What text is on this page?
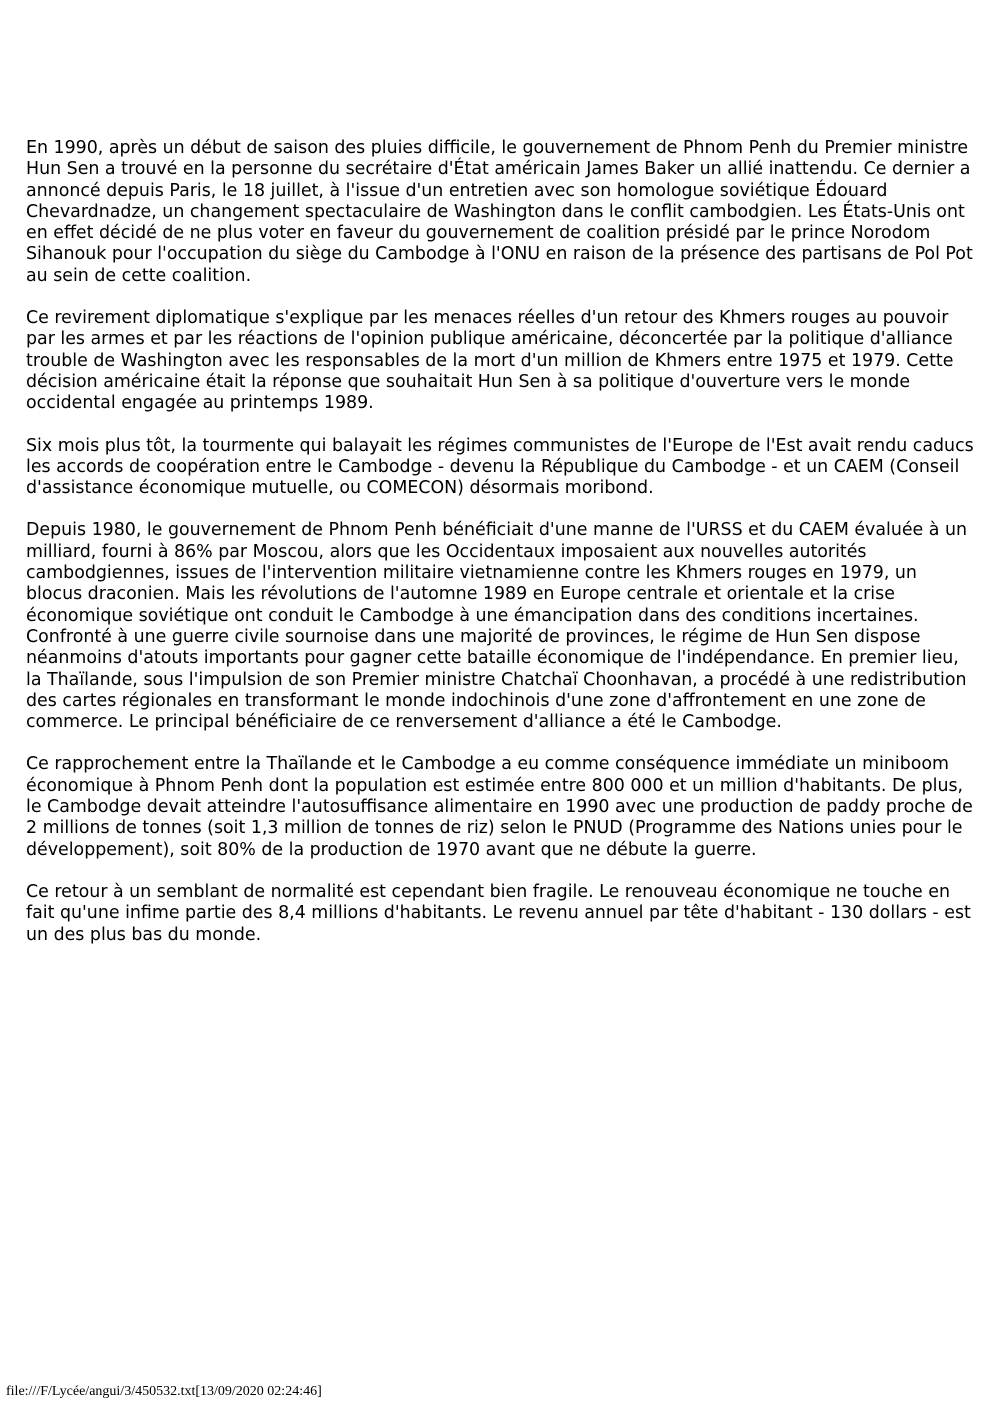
En 1990, après un début de saison des pluies difficile, le gouvernement de Phnom Penh du Premier ministre Hun Sen a trouvé en la personne du secrétaire d'État américain James Baker un allié inattendu. Ce dernier a annoncé depuis Paris, le 18 juillet, à l'issue d'un entretien avec son homologue soviétique Édouard Chevardnadze, un changement spectaculaire de Washington dans le conflit cambodgien. Les États-Unis ont en effet décidé de ne plus voter en faveur du gouvernement de coalition présidé par le prince Norodom Sihanouk pour l'occupation du siège du Cambodge à l'ONU en raison de la présence des partisans de Pol Pot au sein de cette coalition.

Ce revirement diplomatique s'explique par les menaces réelles d'un retour des Khmers rouges au pouvoir par les armes et par les réactions de l'opinion publique américaine, déconcertée par la politique d'alliance trouble de Washington avec les responsables de la mort d'un million de Khmers entre 1975 et 1979. Cette décision américaine était la réponse que souhaitait Hun Sen à sa politique d'ouverture vers le monde occidental engagée au printemps 1989.

Six mois plus tôt, la tourmente qui balayait les régimes communistes de l'Europe de l'Est avait rendu caducs les accords de coopération entre le Cambodge - devenu la République du Cambodge - et un CAEM (Conseil d'assistance économique mutuelle, ou COMECON) désormais moribond.

Depuis 1980, le gouvernement de Phnom Penh bénéficiait d'une manne de l'URSS et du CAEM évaluée à un milliard, fourni à 86% par Moscou, alors que les Occidentaux imposaient aux nouvelles autorités cambodgiennes, issues de l'intervention militaire vietnamienne contre les Khmers rouges en 1979, un blocus draconien. Mais les révolutions de l'automne 1989 en Europe centrale et orientale et la crise économique soviétique ont conduit le Cambodge à une émancipation dans des conditions incertaines. Confronté à une guerre civile sournoise dans une majorité de provinces, le régime de Hun Sen dispose néanmoins d'atouts importants pour gagner cette bataille économique de l'indépendance. En premier lieu, la Thaïlande, sous l'impulsion de son Premier ministre Chatchaï Choonhavan, a procédé à une redistribution des cartes régionales en transformant le monde indochinois d'une zone d'affrontement en une zone de commerce. Le principal bénéficiaire de ce renversement d'alliance a été le Cambodge.

Ce rapprochement entre la Thaïlande et le Cambodge a eu comme conséquence immédiate un miniboom économique à Phnom Penh dont la population est estimée entre 800 000 et un million d'habitants. De plus, le Cambodge devait atteindre l'autosuffisance alimentaire en 1990 avec une production de paddy proche de 2 millions de tonnes (soit 1,3 million de tonnes de riz) selon le PNUD (Programme des Nations unies pour le développement), soit 80% de la production de 1970 avant que ne débute la guerre.

Ce retour à un semblant de normalité est cependant bien fragile. Le renouveau économique ne touche en fait qu'une infime partie des 8,4 millions d'habitants. Le revenu annuel par tête d'habitant - 130 dollars - est un des plus bas du monde.

file:///F/Lycée/angui/3/450532.txt[13/09/2020 02:24:46]
